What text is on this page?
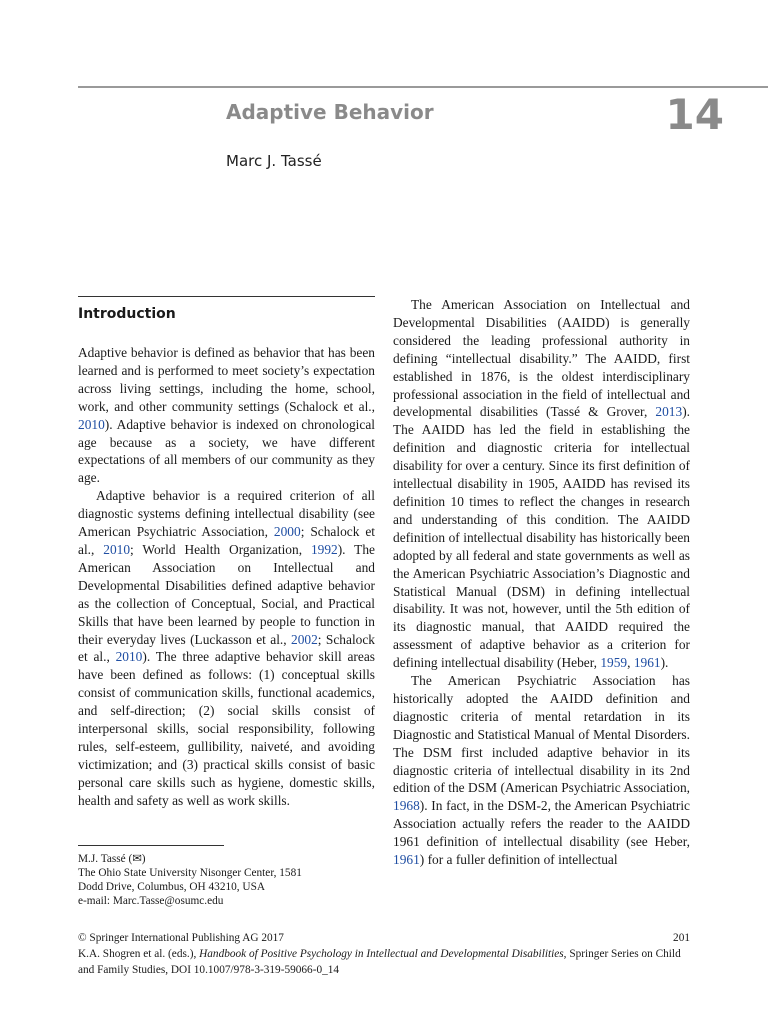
Adaptive Behavior	14
Marc J. Tassé
Introduction

Adaptive behavior is defined as behavior that has been learned and is performed to meet society’s expectation across living settings, including the home, school, work, and other community settings (Schalock et al., 2010). Adaptive behavior is indexed on chronological age because as a society, we have different expectations of all members of our community as they age.

Adaptive behavior is a required criterion of all diagnostic systems defining intellectual disability (see American Psychiatric Association, 2000; Schalock et al., 2010; World Health Organization, 1992). The American Association on Intellectual and Developmental Disabilities defined adaptive behavior as the collection of Conceptual, Social, and Practical Skills that have been learned by people to function in their everyday lives (Luckasson et al., 2002; Schalock et al., 2010). The three adaptive behavior skill areas have been defined as follows: (1) conceptual skills consist of communication skills, functional academics, and self-direction; (2) social skills consist of interpersonal skills, social responsibility, following rules, self-esteem, gullibility, naiveté, and avoiding victimization; and (3) practical skills consist of basic personal care skills such as hygiene, domestic skills, health and safety as well as work skills.

M.J. Tassé (✉)
The Ohio State University Nisonger Center, 1581
Dodd Drive, Columbus, OH 43210, USA
e-mail: Marc.Tasse@osumc.edu

The American Association on Intellectual and Developmental Disabilities (AAIDD) is generally considered the leading professional authority in defining “intellectual disability.” The AAIDD, first established in 1876, is the oldest interdisciplinary professional association in the field of intellectual and developmental disabilities (Tassé & Grover, 2013). The AAIDD has led the field in establishing the definition and diagnostic criteria for intellectual disability for over a century. Since its first definition of intellectual disability in 1905, AAIDD has revised its definition 10 times to reflect the changes in research and understanding of this condition. The AAIDD definition of intellectual disability has historically been adopted by all federal and state governments as well as the American Psychiatric Association’s Diagnostic and Statistical Manual (DSM) in defining intellectual disability. It was not, however, until the 5th edition of its diagnostic manual, that AAIDD required the assessment of adaptive behavior as a criterion for defining intellectual disability (Heber, 1959, 1961).

The American Psychiatric Association has historically adopted the AAIDD definition and diagnostic criteria of mental retardation in its Diagnostic and Statistical Manual of Mental Disorders. The DSM first included adaptive behavior in its diagnostic criteria of intellectual disability in its 2nd edition of the DSM (American Psychiatric Association, 1968). In fact, in the DSM-2, the American Psychiatric Association actually refers the reader to the AAIDD 1961 definition of intellectual disability (see Heber, 1961) for a fuller definition of intellectual

© Springer International Publishing AG 2017	201
K.A. Shogren et al. (eds.), Handbook of Positive Psychology in Intellectual and Developmental Disabilities, Springer Series on Child and Family Studies, DOI 10.1007/978-3-319-59066-0_14
